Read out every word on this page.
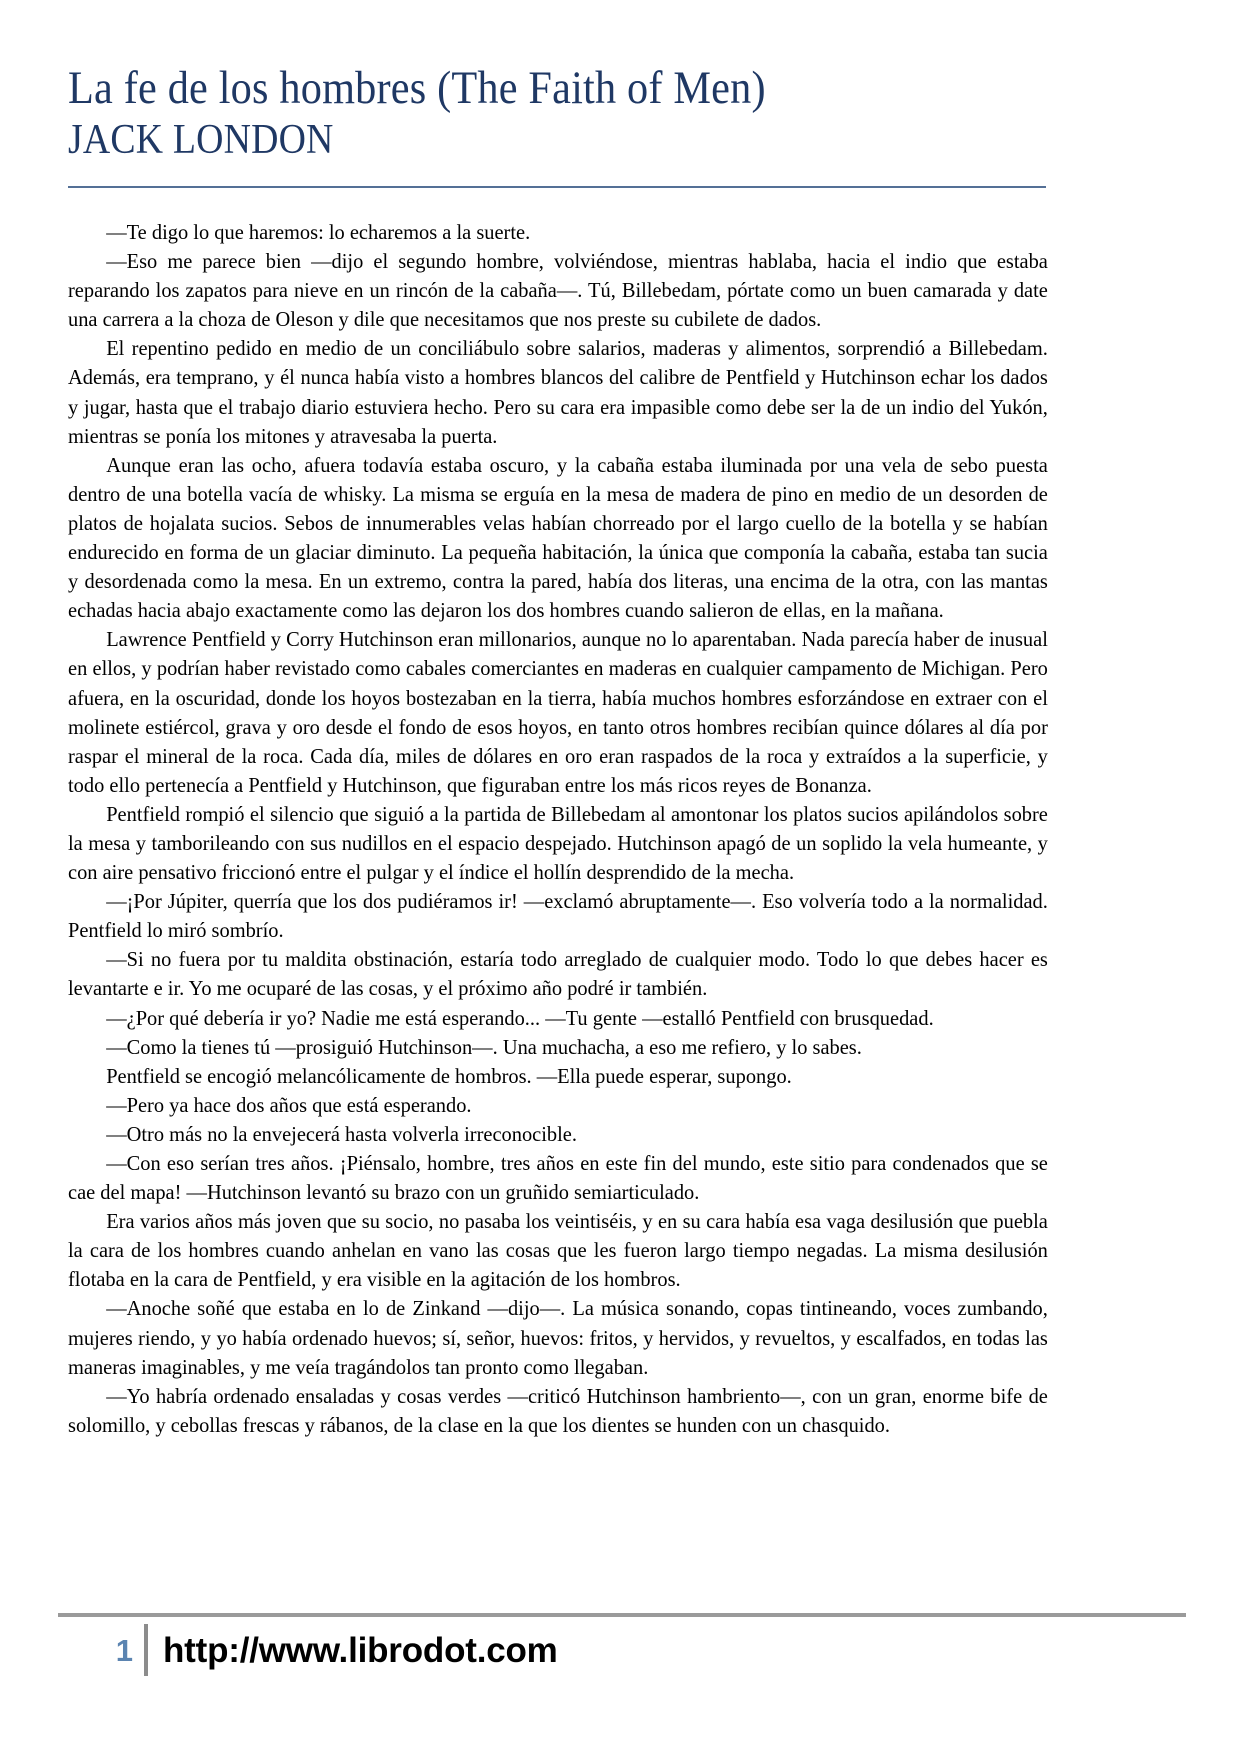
La fe de los hombres (The Faith of Men)
JACK LONDON

—Te digo lo que haremos: lo echaremos a la suerte.

—Eso me parece bien —dijo el segundo hombre, volviéndose, mientras hablaba, hacia el indio que estaba reparando los zapatos para nieve en un rincón de la cabaña—. Tú, Billebedam, pórtate como un buen camarada y date una carrera a la choza de Oleson y dile que necesitamos que nos preste su cubilete de dados.

El repentino pedido en medio de un conciliábulo sobre salarios, maderas y alimentos, sorprendió a Billebedam. Además, era temprano, y él nunca había visto a hombres blancos del calibre de Pentfield y Hutchinson echar los dados y jugar, hasta que el trabajo diario estuviera hecho. Pero su cara era impasible como debe ser la de un indio del Yukón, mientras se ponía los mitones y atravesaba la puerta.

Aunque eran las ocho, afuera todavía estaba oscuro, y la cabaña estaba iluminada por una vela de sebo puesta dentro de una botella vacía de whisky. La misma se erguía en la mesa de madera de pino en medio de un desorden de platos de hojalata sucios. Sebos de innumerables velas habían chorreado por el largo cuello de la botella y se habían endurecido en forma de un glaciar diminuto. La pequeña habitación, la única que componía la cabaña, estaba tan sucia y desordenada como la mesa. En un extremo, contra la pared, había dos literas, una encima de la otra, con las mantas echadas hacia abajo exactamente como las dejaron los dos hombres cuando salieron de ellas, en la mañana.

Lawrence Pentfield y Corry Hutchinson eran millonarios, aunque no lo aparentaban. Nada parecía haber de inusual en ellos, y podrían haber revistado como cabales comerciantes en maderas en cualquier campamento de Michigan. Pero afuera, en la oscuridad, donde los hoyos bostezaban en la tierra, había muchos hombres esforzándose en extraer con el molinete estiércol, grava y oro desde el fondo de esos hoyos, en tanto otros hombres recibían quince dólares al día por raspar el mineral de la roca. Cada día, miles de dólares en oro eran raspados de la roca y extraídos a la superficie, y todo ello pertenecía a Pentfield y Hutchinson, que figuraban entre los más ricos reyes de Bonanza.

Pentfield rompió el silencio que siguió a la partida de Billebedam al amontonar los platos sucios apilándolos sobre la mesa y tamborileando con sus nudillos en el espacio despejado. Hutchinson apagó de un soplido la vela humeante, y con aire pensativo friccionó entre el pulgar y el índice el hollín desprendido de la mecha.

—¡Por Júpiter, querría que los dos pudiéramos ir! —exclamó abruptamente—. Eso volvería todo a la normalidad. Pentfield lo miró sombrío.

—Si no fuera por tu maldita obstinación, estaría todo arreglado de cualquier modo. Todo lo que debes hacer es levantarte e ir. Yo me ocuparé de las cosas, y el próximo año podré ir también.

—¿Por qué debería ir yo? Nadie me está esperando... —Tu gente —estalló Pentfield con brusquedad.

—Como la tienes tú —prosiguió Hutchinson—. Una muchacha, a eso me refiero, y lo sabes.

Pentfield se encogió melancólicamente de hombros. —Ella puede esperar, supongo.

—Pero ya hace dos años que está esperando.

—Otro más no la envejecerá hasta volverla irreconocible.

—Con eso serían tres años. ¡Piénsalo, hombre, tres años en este fin del mundo, este sitio para condenados que se cae del mapa! —Hutchinson levantó su brazo con un gruñido semiarticulado.

Era varios años más joven que su socio, no pasaba los veintiséis, y en su cara había esa vaga desilusión que puebla la cara de los hombres cuando anhelan en vano las cosas que les fueron largo tiempo negadas. La misma desilusión flotaba en la cara de Pentfield, y era visible en la agitación de los hombros.

—Anoche soñé que estaba en lo de Zinkand —dijo—. La música sonando, copas tintineando, voces zumbando, mujeres riendo, y yo había ordenado huevos; sí, señor, huevos: fritos, y hervidos, y revueltos, y escalfados, en todas las maneras imaginables, y me veía tragándolos tan pronto como llegaban.

—Yo habría ordenado ensaladas y cosas verdes —criticó Hutchinson hambriento—, con un gran, enorme bife de solomillo, y cebollas frescas y rábanos, de la clase en la que los dientes se hunden con un chasquido.

1 http://www.librodot.com
